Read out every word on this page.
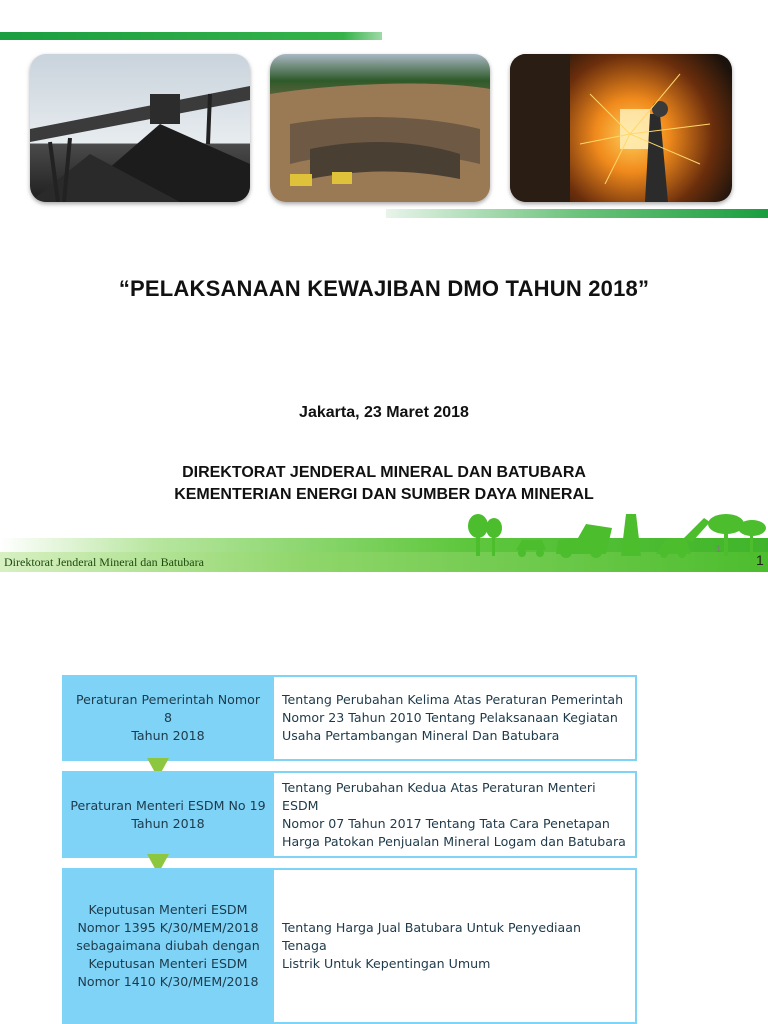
“PELAKSANAAN KEWAJIBAN DMO TAHUN 2018”
Jakarta, 23 Maret 2018
DIREKTORAT JENDERAL MINERAL DAN BATUBARA
KEMENTERIAN ENERGI DAN SUMBER DAYA MINERAL
Direktorat Jenderal Mineral dan Batubara
1
1
Peraturan Pemerintah Nomor 8
Tahun 2018
Tentang Perubahan Kelima Atas Peraturan Pemerintah
Nomor 23 Tahun 2010 Tentang Pelaksanaan Kegiatan
Usaha Pertambangan Mineral Dan Batubara
Peraturan Menteri ESDM No 19
Tahun 2018
Tentang Perubahan Kedua Atas Peraturan Menteri ESDM
Nomor 07 Tahun 2017 Tentang Tata Cara Penetapan
Harga Patokan Penjualan Mineral Logam dan Batubara
Keputusan Menteri ESDM
Nomor 1395 K/30/MEM/2018
sebagaimana diubah dengan
Keputusan Menteri ESDM
Nomor 1410 K/30/MEM/2018
Tentang Harga Jual Batubara Untuk Penyediaan Tenaga
Listrik Untuk Kepentingan Umum
